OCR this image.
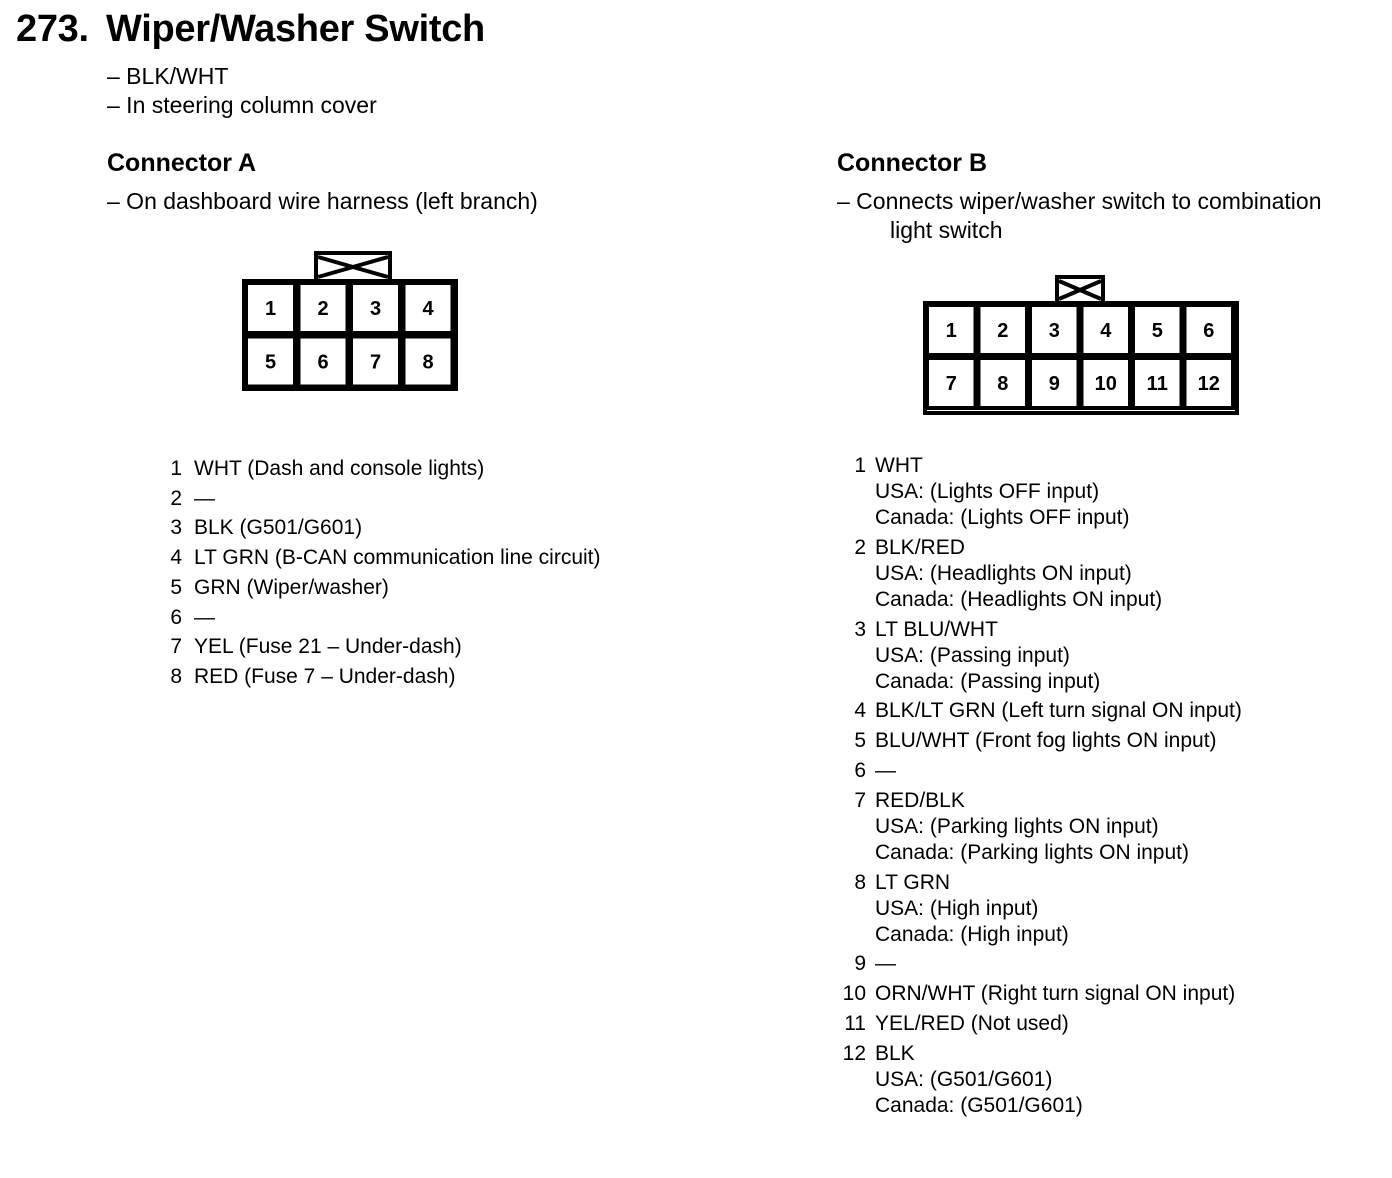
273. Wiper/Washer Switch
– BLK/WHT
– In steering column cover
Connector A
– On dashboard wire harness (left branch)
1 2 3 4
5 6 7 8
1 WHT (Dash and console lights)
2 —
3 BLK (G501/G601)
4 LT GRN (B-CAN communication line circuit)
5 GRN (Wiper/washer)
6 —
7 YEL (Fuse 21 – Under-dash)
8 RED (Fuse 7 – Under-dash)
Connector B
– Connects wiper/washer switch to combination
light switch
1 2 3 4 5 6
7 8 9 10 11 12
1 WHT
USA: (Lights OFF input)
Canada: (Lights OFF input)
2 BLK/RED
USA: (Headlights ON input)
Canada: (Headlights ON input)
3 LT BLU/WHT
USA: (Passing input)
Canada: (Passing input)
4 BLK/LT GRN (Left turn signal ON input)
5 BLU/WHT (Front fog lights ON input)
6 —
7 RED/BLK
USA: (Parking lights ON input)
Canada: (Parking lights ON input)
8 LT GRN
USA: (High input)
Canada: (High input)
9 —
10 ORN/WHT (Right turn signal ON input)
11 YEL/RED (Not used)
12 BLK
USA: (G501/G601)
Canada: (G501/G601)
